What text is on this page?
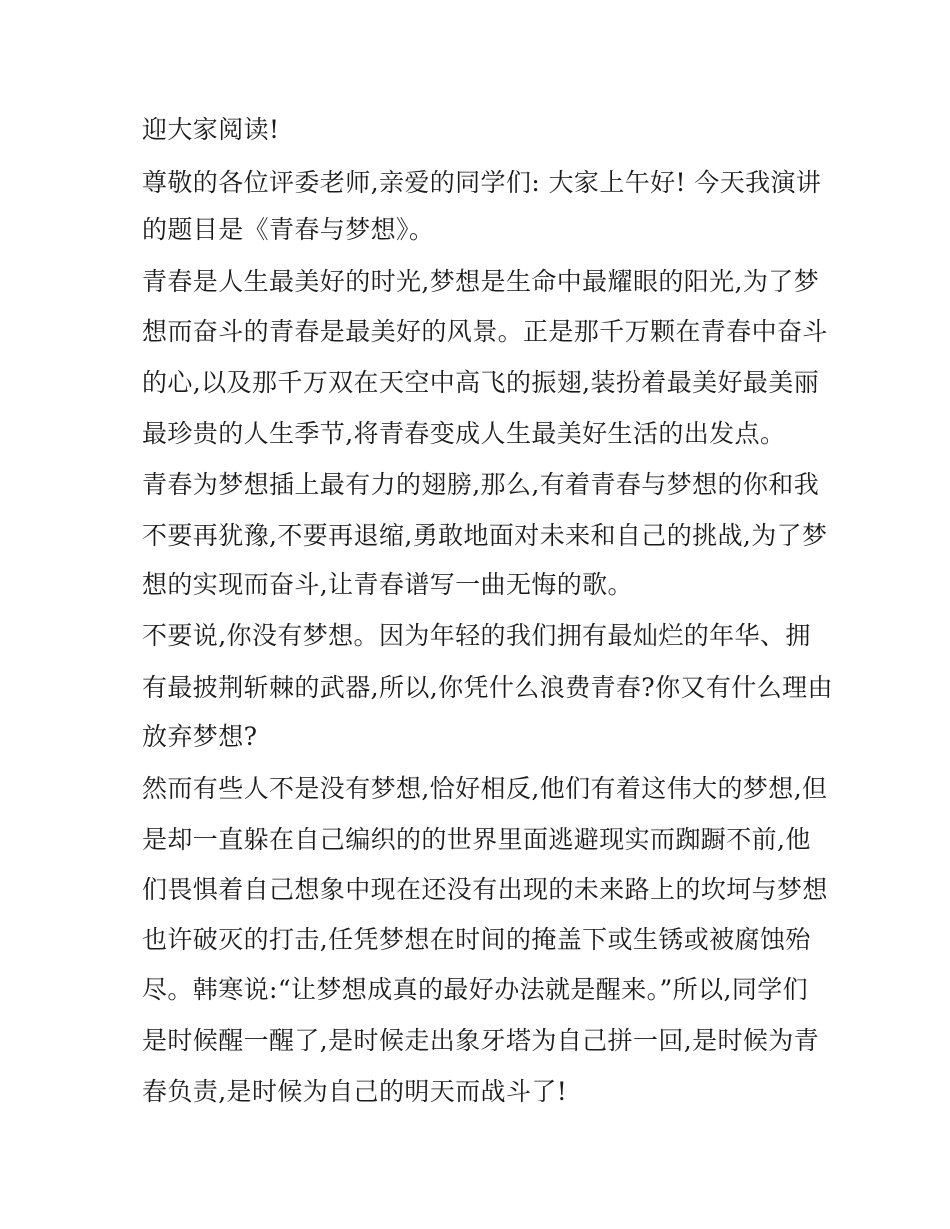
迎大家阅读!
尊敬的各位评委老师,亲爱的同学们: 大家上午好! 今天我演讲
的题目是《青春与梦想》。
青春是人生最美好的时光,梦想是生命中最耀眼的阳光,为了梦
想而奋斗的青春是最美好的风景。正是那千万颗在青春中奋斗
的心,以及那千万双在天空中高飞的振翅,装扮着最美好最美丽
最珍贵的人生季节,将青春变成人生最美好生活的出发点。
青春为梦想插上最有力的翅膀,那么,有着青春与梦想的你和我
不要再犹豫,不要再退缩,勇敢地面对未来和自己的挑战,为了梦
想的实现而奋斗,让青春谱写一曲无悔的歌。
不要说,你没有梦想。因为年轻的我们拥有最灿烂的年华、拥
有最披荆斩棘的武器,所以,你凭什么浪费青春?你又有什么理由
放弃梦想?
然而有些人不是没有梦想,恰好相反,他们有着这伟大的梦想,但
是却一直躲在自己编织的的世界里面逃避现实而踟蹰不前,他
们畏惧着自己想象中现在还没有出现的未来路上的坎坷与梦想
也许破灭的打击,任凭梦想在时间的掩盖下或生锈或被腐蚀殆
尽。韩寒说:“让梦想成真的最好办法就是醒来。”所以,同学们
是时候醒一醒了,是时候走出象牙塔为自己拼一回,是时候为青
春负责,是时候为自己的明天而战斗了!
